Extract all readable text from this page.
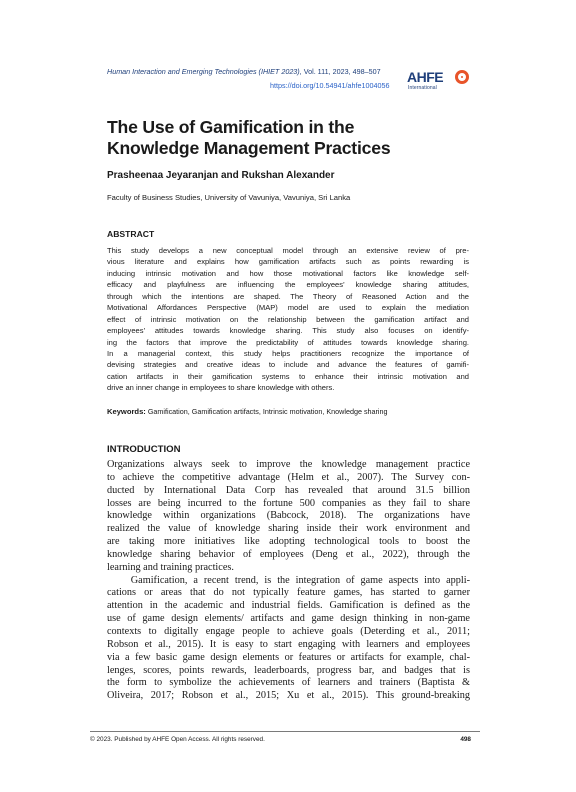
Human Interaction and Emerging Technologies (IHIET 2023), Vol. 111, 2023, 498–507
https://doi.org/10.54941/ahfe1004056
AHFE
International
The Use of Gamification in the
Knowledge Management Practices
Prasheenaa Jeyaranjan and Rukshan Alexander
Faculty of Business Studies, University of Vavuniya, Vavuniya, Sri Lanka
ABSTRACT
This study develops a new conceptual model through an extensive review of pre-
vious literature and explains how gamification artifacts such as points rewarding is
inducing intrinsic motivation and how those motivational factors like knowledge self-
efficacy and playfulness are influencing the employees’ knowledge sharing attitudes,
through which the intentions are shaped. The Theory of Reasoned Action and the
Motivational Affordances Perspective (MAP) model are used to explain the mediation
effect of intrinsic motivation on the relationship between the gamification artifact and
employees’ attitudes towards knowledge sharing. This study also focuses on identify-
ing the factors that improve the predictability of attitudes towards knowledge sharing.
In a managerial context, this study helps practitioners recognize the importance of
devising strategies and creative ideas to include and advance the features of gamifi-
cation artifacts in their gamification systems to enhance their intrinsic motivation and
drive an inner change in employees to share knowledge with others.
Keywords: Gamification, Gamification artifacts, Intrinsic motivation, Knowledge sharing
INTRODUCTION
Organizations always seek to improve the knowledge management practice
to achieve the competitive advantage (Helm et al., 2007). The Survey con-
ducted by International Data Corp has revealed that around 31.5 billion
losses are being incurred to the fortune 500 companies as they fail to share
knowledge within organizations (Babcock, 2018). The organizations have
realized the value of knowledge sharing inside their work environment and
are taking more initiatives like adopting technological tools to boost the
knowledge sharing behavior of employees (Deng et al., 2022), through the
learning and training practices.
Gamification, a recent trend, is the integration of game aspects into appli-
cations or areas that do not typically feature games, has started to garner
attention in the academic and industrial fields. Gamification is defined as the
use of game design elements/ artifacts and game design thinking in non-game
contexts to digitally engage people to achieve goals (Deterding et al., 2011;
Robson et al., 2015). It is easy to start engaging with learners and employees
via a few basic game design elements or features or artifacts for example, chal-
lenges, scores, points rewards, leaderboards, progress bar, and badges that is
the form to symbolize the achievements of learners and trainers (Baptista &
Oliveira, 2017; Robson et al., 2015; Xu et al., 2015). This ground-breaking
© 2023. Published by AHFE Open Access. All rights reserved.	498
